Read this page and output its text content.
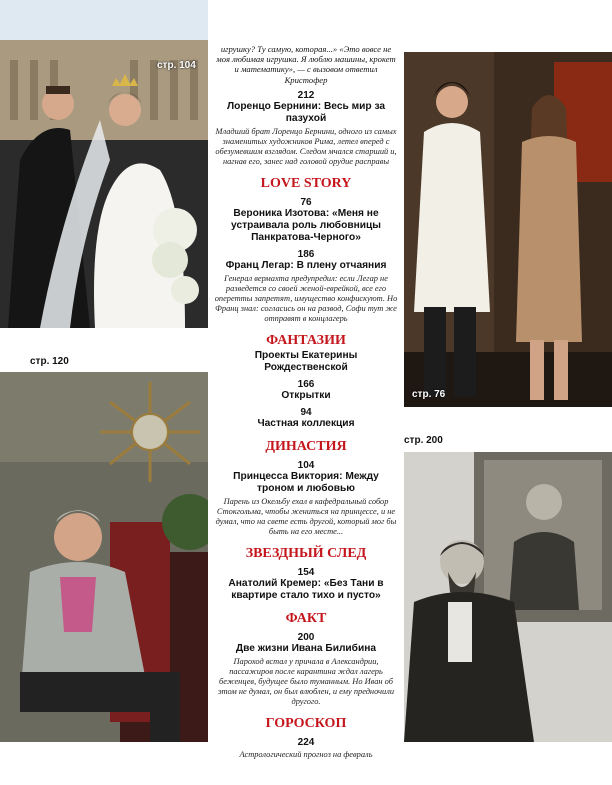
стр. 104
стр. 76
стр. 120
стр. 200
игрушку? Ту самую, которая...» «Это вовсе не моя любимая игрушка. Я люблю машины, крокет и математику», — с вызовом ответил Кристофер
212
Лоренцо Бернини: Весь мир за пазухой
Младший брат Лоренцо Бернини, одного из самых знаменитых художников Рима, летел вперед с обезумевшим взглядом. Следом мчался старший и, нагнав его, занес над головой орудие расправы
LOVE STORY
76
Вероника Изотова: «Меня не устраивала роль любовницы Панкратова-Черного»
186
Франц Легар: В плену отчаяния
Генерал вермахта предупредил: если Легар не разведется со своей женой-еврейкой, все его оперетты запретят, имущество конфискуют. Но Франц знал: согласись он на развод, Софи тут же отправят в концлагерь
ФАНТАЗИИ
Проекты Екатерины Рождественской
166
Открытки
94
Частная коллекция
ДИНАСТИЯ
104
Принцесса Виктория: Между троном и любовью
Парень из Окельбу ехал в кафедральный собор Стокгольма, чтобы жениться на принцессе, и не думал, что на свете есть другой, который мог бы быть на его месте...
ЗВЕЗДНЫЙ СЛЕД
154
Анатолий Кремер: «Без Тани в квартире стало тихо и пусто»
ФАКТ
200
Две жизни Ивана Билибина
Пароход встал у причала в Александрии, пассажиров после карантина ждал лагерь беженцев, будущее было туманным. Но Иван об этом не думал, он был влюблен, и ему предночили другого.
ГОРОСКОП
224
Астрологический прогноз на февраль
